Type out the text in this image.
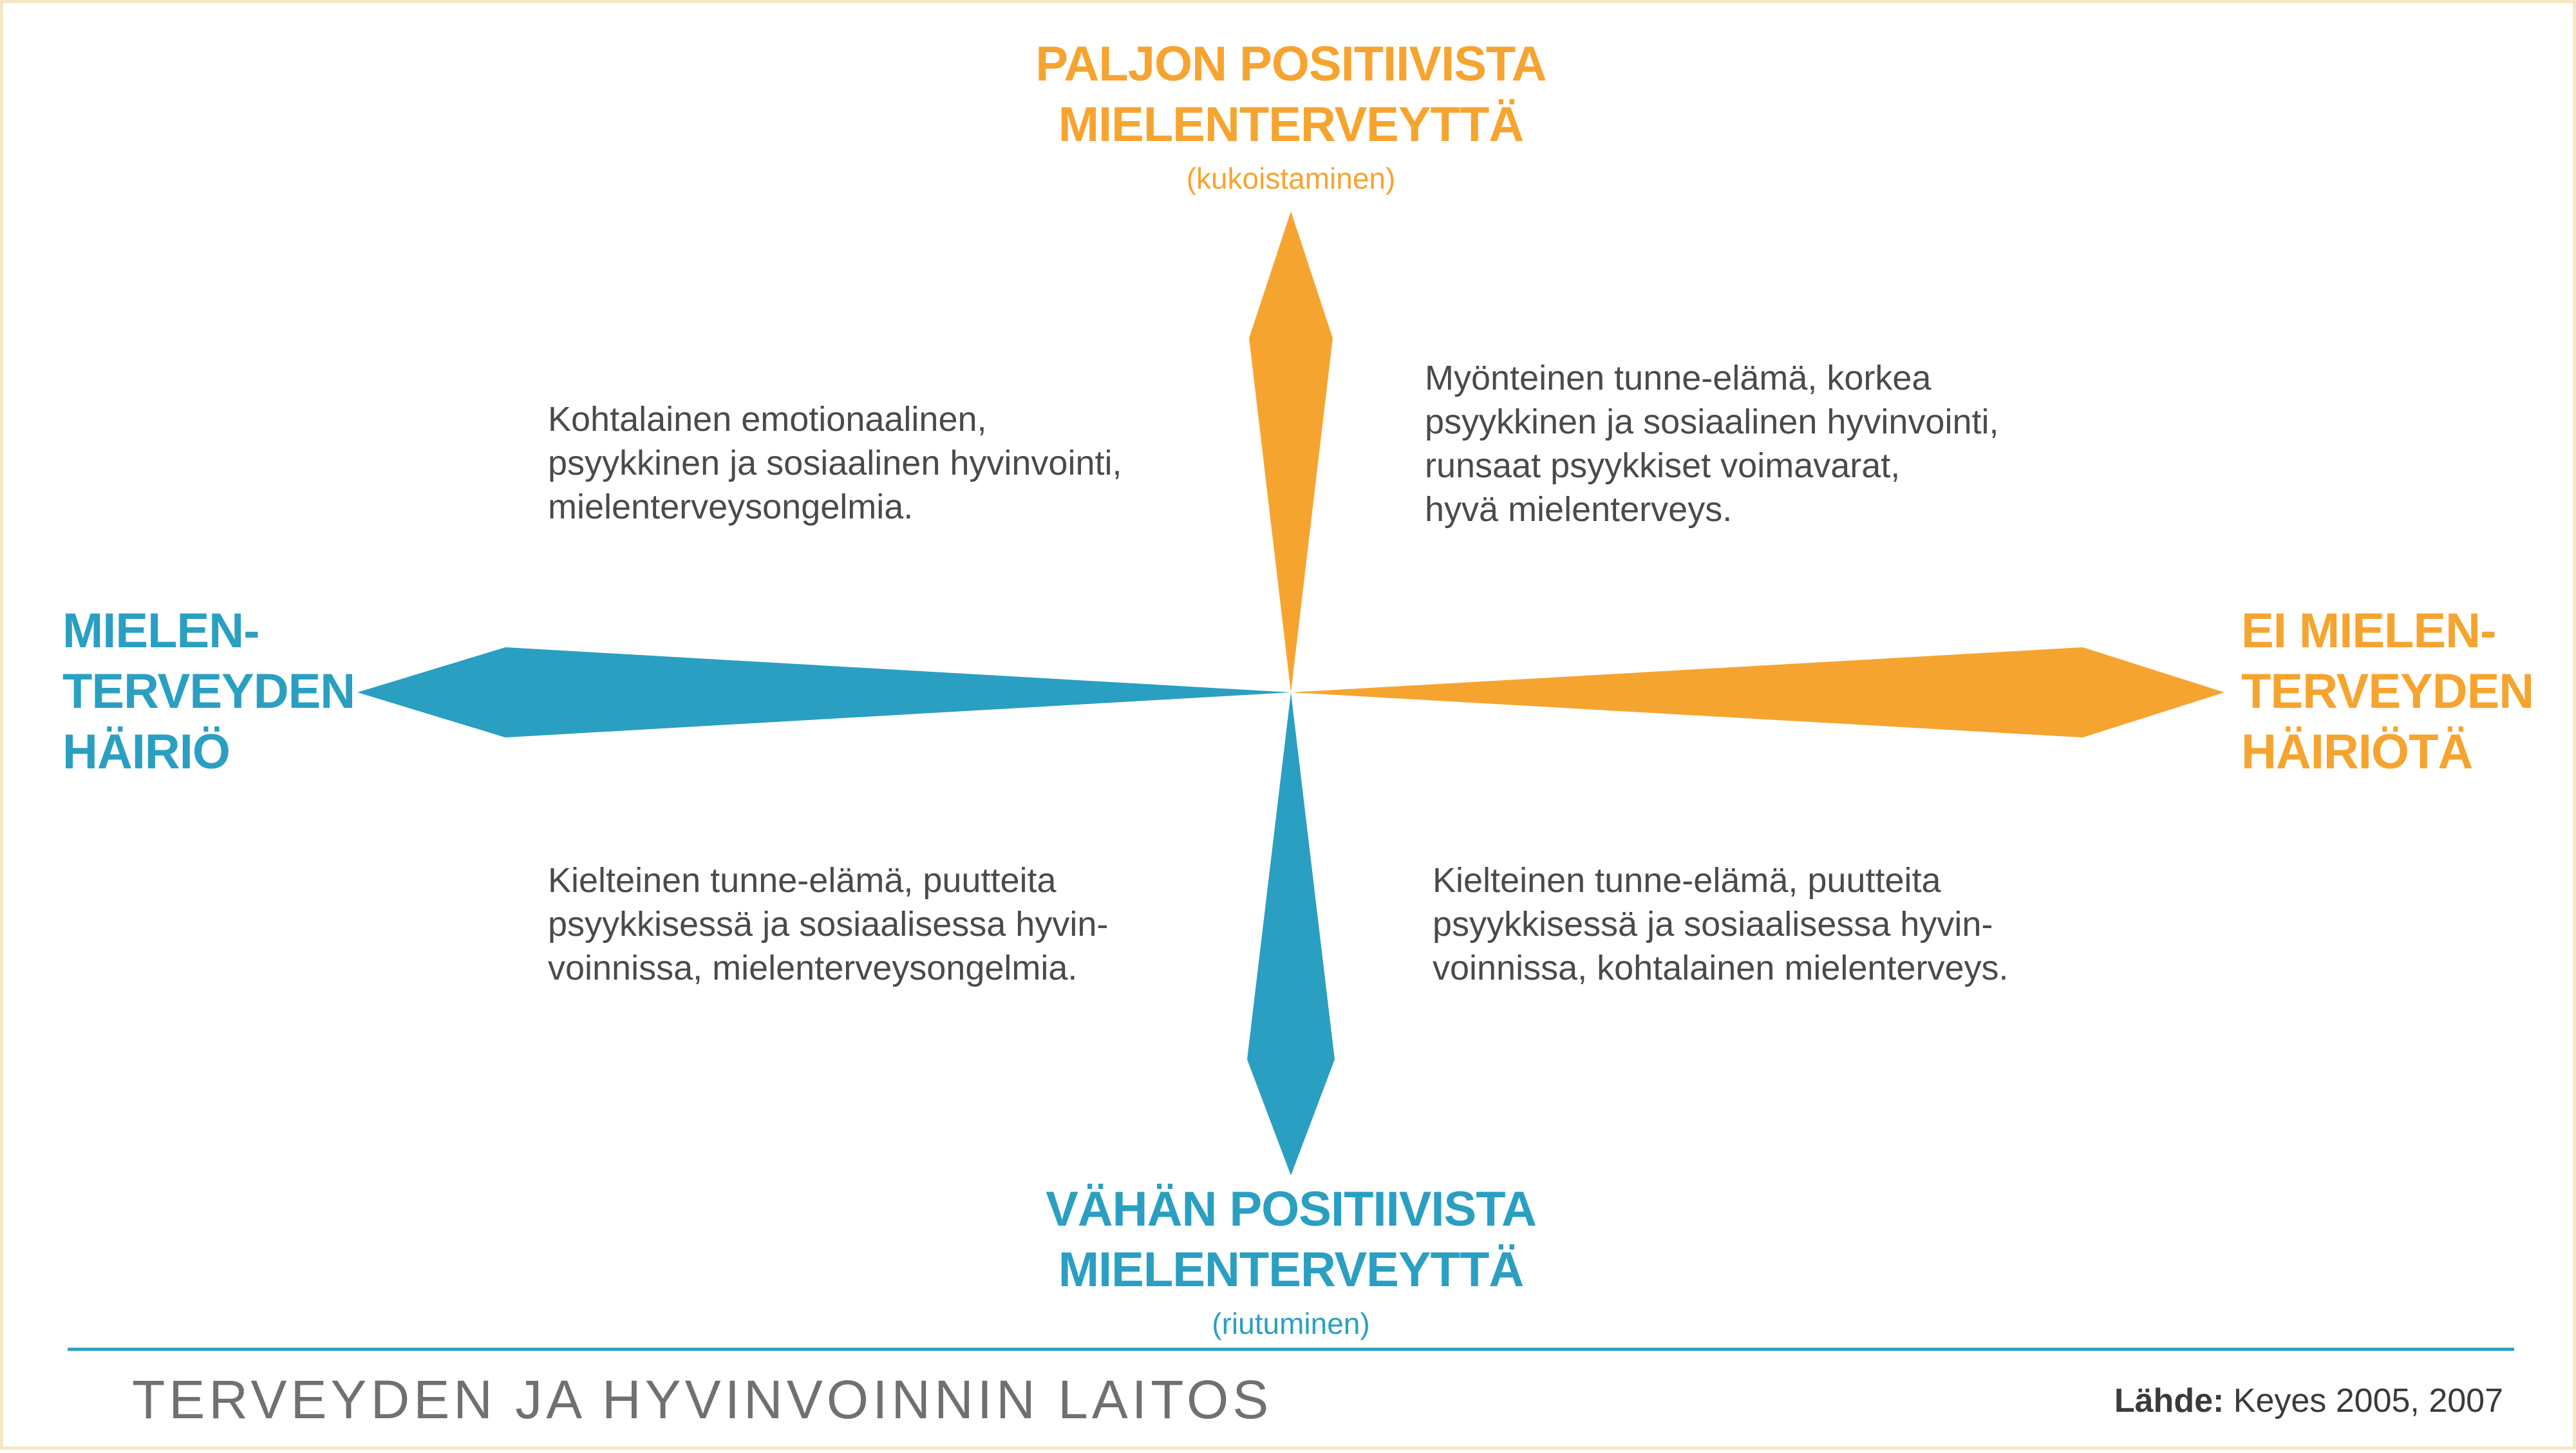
PALJON POSITIIVISTA
MIELENTERVEYTTÄ
(kukoistaminen)
VÄHÄN POSITIIVISTA
MIELENTERVEYTTÄ
(riutuminen)
MIELEN-
TERVEYDEN
HÄIRIÖ
EI MIELEN-
TERVEYDEN
HÄIRIÖTÄ
Kohtalainen emotionaalinen,
psyykkinen ja sosiaalinen hyvinvointi,
mielenterveysongelmia.
Myönteinen tunne-elämä, korkea
psyykkinen ja sosiaalinen hyvinvointi,
runsaat psyykkiset voimavarat,
hyvä mielenterveys.
Kielteinen tunne-elämä, puutteita
psyykkisessä ja sosiaalisessa hyvin-
voinnissa, mielenterveysongelmia.
Kielteinen tunne-elämä, puutteita
psyykkisessä ja sosiaalisessa hyvin-
voinnissa, kohtalainen mielenterveys.
TERVEYDEN JA HYVINVOINNIN LAITOS	Lähde: Keyes 2005, 2007
